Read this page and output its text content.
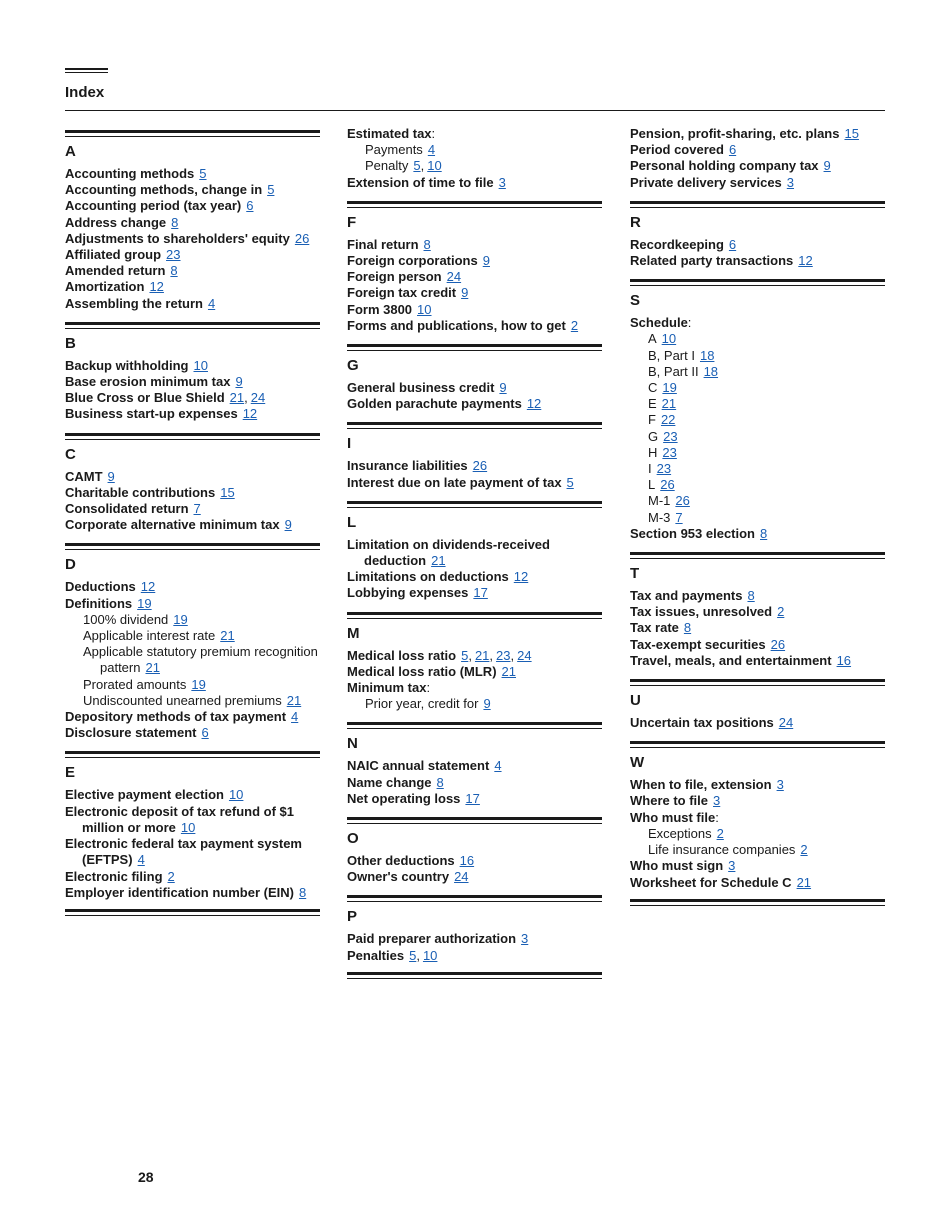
Index
A
Accounting methods 5
Accounting methods, change in 5
Accounting period (tax year) 6
Address change 8
Adjustments to shareholders' equity 26
Affiliated group 23
Amended return 8
Amortization 12
Assembling the return 4
B
Backup withholding 10
Base erosion minimum tax 9
Blue Cross or Blue Shield 21, 24
Business start-up expenses 12
C
CAMT 9
Charitable contributions 15
Consolidated return 7
Corporate alternative minimum tax 9
D
Deductions 12
Definitions 19
100% dividend 19
Applicable interest rate 21
Applicable statutory premium recognition pattern 21
Prorated amounts 19
Undiscounted unearned premiums 21
Depository methods of tax payment 4
Disclosure statement 6
E
Elective payment election 10
Electronic deposit of tax refund of $1 million or more 10
Electronic federal tax payment system (EFTPS) 4
Electronic filing 2
Employer identification number (EIN) 8
Estimated tax:
Payments 4
Penalty 5, 10
Extension of time to file 3
F
Final return 8
Foreign corporations 9
Foreign person 24
Foreign tax credit 9
Form 3800 10
Forms and publications, how to get 2
G
General business credit 9
Golden parachute payments 12
I
Insurance liabilities 26
Interest due on late payment of tax 5
L
Limitation on dividends-received deduction 21
Limitations on deductions 12
Lobbying expenses 17
M
Medical loss ratio 5, 21, 23, 24
Medical loss ratio (MLR) 21
Minimum tax:
Prior year, credit for 9
N
NAIC annual statement 4
Name change 8
Net operating loss 17
O
Other deductions 16
Owner's country 24
P
Paid preparer authorization 3
Penalties 5, 10
Pension, profit-sharing, etc. plans 15
Period covered 6
Personal holding company tax 9
Private delivery services 3
R
Recordkeeping 6
Related party transactions 12
S
Schedule:
A 10
B, Part I 18
B, Part II 18
C 19
E 21
F 22
G 23
H 23
I 23
L 26
M-1 26
M-3 7
Section 953 election 8
T
Tax and payments 8
Tax issues, unresolved 2
Tax rate 8
Tax-exempt securities 26
Travel, meals, and entertainment 16
U
Uncertain tax positions 24
W
When to file, extension 3
Where to file 3
Who must file:
Exceptions 2
Life insurance companies 2
Who must sign 3
Worksheet for Schedule C 21
28
